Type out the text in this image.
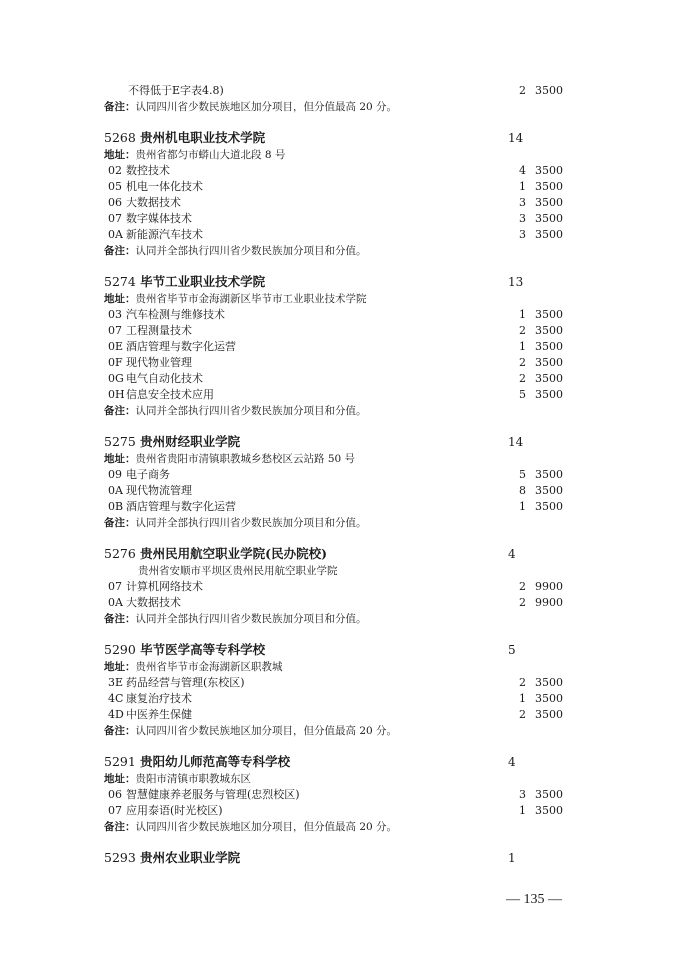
不得低于E字表4.8)	2 3500
备注：认同四川省少数民族地区加分项目，但分值最高 20 分。
5268 贵州机电职业技术学院	14
地址：贵州省都匀市蟒山大道北段 8 号
02 数控技术	4 3500
05 机电一体化技术	1 3500
06 大数据技术	3 3500
07 数字媒体技术	3 3500
0A 新能源汽车技术	3 3500
备注：认同并全部执行四川省少数民族加分项目和分值。
5274 毕节工业职业技术学院	13
地址：贵州省毕节市金海湖新区毕节市工业职业技术学院
03 汽车检测与维修技术	1 3500
07 工程测量技术	2 3500
0E 酒店管理与数字化运营	1 3500
0F 现代物业管理	2 3500
0G 电气自动化技术	2 3500
0H信息安全技术应用	5 3500
备注：认同并全部执行四川省少数民族加分项目和分值。
5275 贵州财经职业学院	14
地址：贵州省贵阳市清镇职教城乡愁校区云站路 50 号
09 电子商务	5 3500
0A 现代物流管理	8 3500
0B 酒店管理与数字化运营	1 3500
备注：认同并全部执行四川省少数民族加分项目和分值。
5276 贵州民用航空职业学院(民办院校)	4
贵州省安顺市平坝区贵州民用航空职业学院
07 计算机网络技术	2 9900
0A 大数据技术	2 9900
备注：认同并全部执行四川省少数民族加分项目和分值。
5290 毕节医学高等专科学校	5
地址：贵州省毕节市金海湖新区职教城
3E 药品经营与管理(东校区)	2 3500
4C 康复治疗技术	1 3500
4D 中医养生保健	2 3500
备注：认同四川省少数民族地区加分项目，但分值最高 20 分。
5291 贵阳幼儿师范高等专科学校	4
地址：贵阳市清镇市职教城东区
06 智慧健康养老服务与管理(忠烈校区)	3 3500
07 应用泰语(时光校区)	1 3500
备注：认同四川省少数民族地区加分项目，但分值最高 20 分。
5293 贵州农业职业学院	1
— 135 —
